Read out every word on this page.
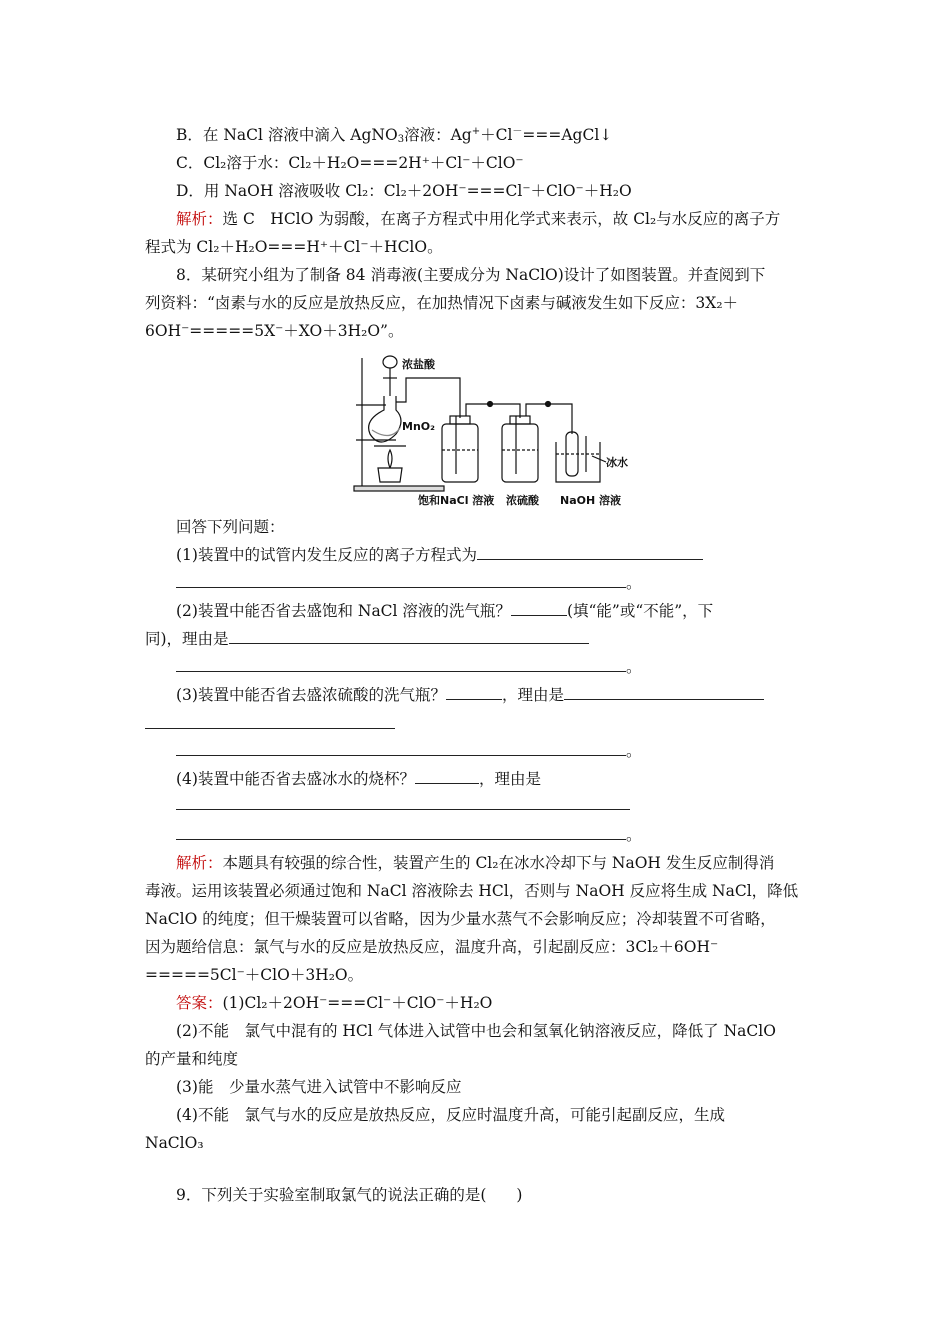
B．在 NaCl 溶液中滴入 AgNO$_3$溶液：Ag+＋Cl－===AgCl↓
C．Cl₂溶于水：Cl₂＋H₂O===2H⁺＋Cl⁻＋ClO⁻
D．用 NaOH 溶液吸收 Cl₂：Cl₂＋2OH⁻===Cl⁻＋ClO⁻＋H₂O
解析：选 C　HClO 为弱酸，在离子方程式中用化学式来表示，故 Cl₂与水反应的离子方
程式为 Cl₂＋H₂O===H⁺＋Cl⁻＋HClO。
8．某研究小组为了制备 84 消毒液(主要成分为 NaClO)设计了如图装置。并查阅到下
列资料：“卤素与水的反应是放热反应，在加热情况下卤素与碱液发生如下反应：3X₂＋
6OH⁻=====5X⁻＋XO＋3H₂O”。
浓盐酸
MnO₂
冰水
饱和NaCl 溶液 浓硫酸 NaOH 溶液
回答下列问题：
(1)装置中的试管内发生反应的离子方程式为
。
(2)装置中能否省去盛饱和 NaCl 溶液的洗气瓶？	(填“能”或“不能”，下
同)，理由是
。
(3)装置中能否省去盛浓硫酸的洗气瓶？	，理由是
。
(4)装置中能否省去盛冰水的烧杯？	，理由是
。
解析：本题具有较强的综合性，装置产生的 Cl₂在冰水冷却下与 NaOH 发生反应制得消
毒液。运用该装置必须通过饱和 NaCl 溶液除去 HCl，否则与 NaOH 反应将生成 NaCl，降低
NaClO 的纯度；但干燥装置可以省略，因为少量水蒸气不会影响反应；冷却装置不可省略，
因为题给信息：氯气与水的反应是放热反应，温度升高，引起副反应：3Cl₂＋6OH⁻
=====5Cl⁻＋ClO＋3H₂O。
答案：(1)Cl₂＋2OH⁻===Cl⁻＋ClO⁻＋H₂O
(2)不能　氯气中混有的 HCl 气体进入试管中也会和氢氧化钠溶液反应，降低了 NaClO
的产量和纯度
(3)能　少量水蒸气进入试管中不影响反应
(4)不能　氯气与水的反应是放热反应，反应时温度升高，可能引起副反应，生成
NaClO₃
9．下列关于实验室制取氯气的说法正确的是( )
